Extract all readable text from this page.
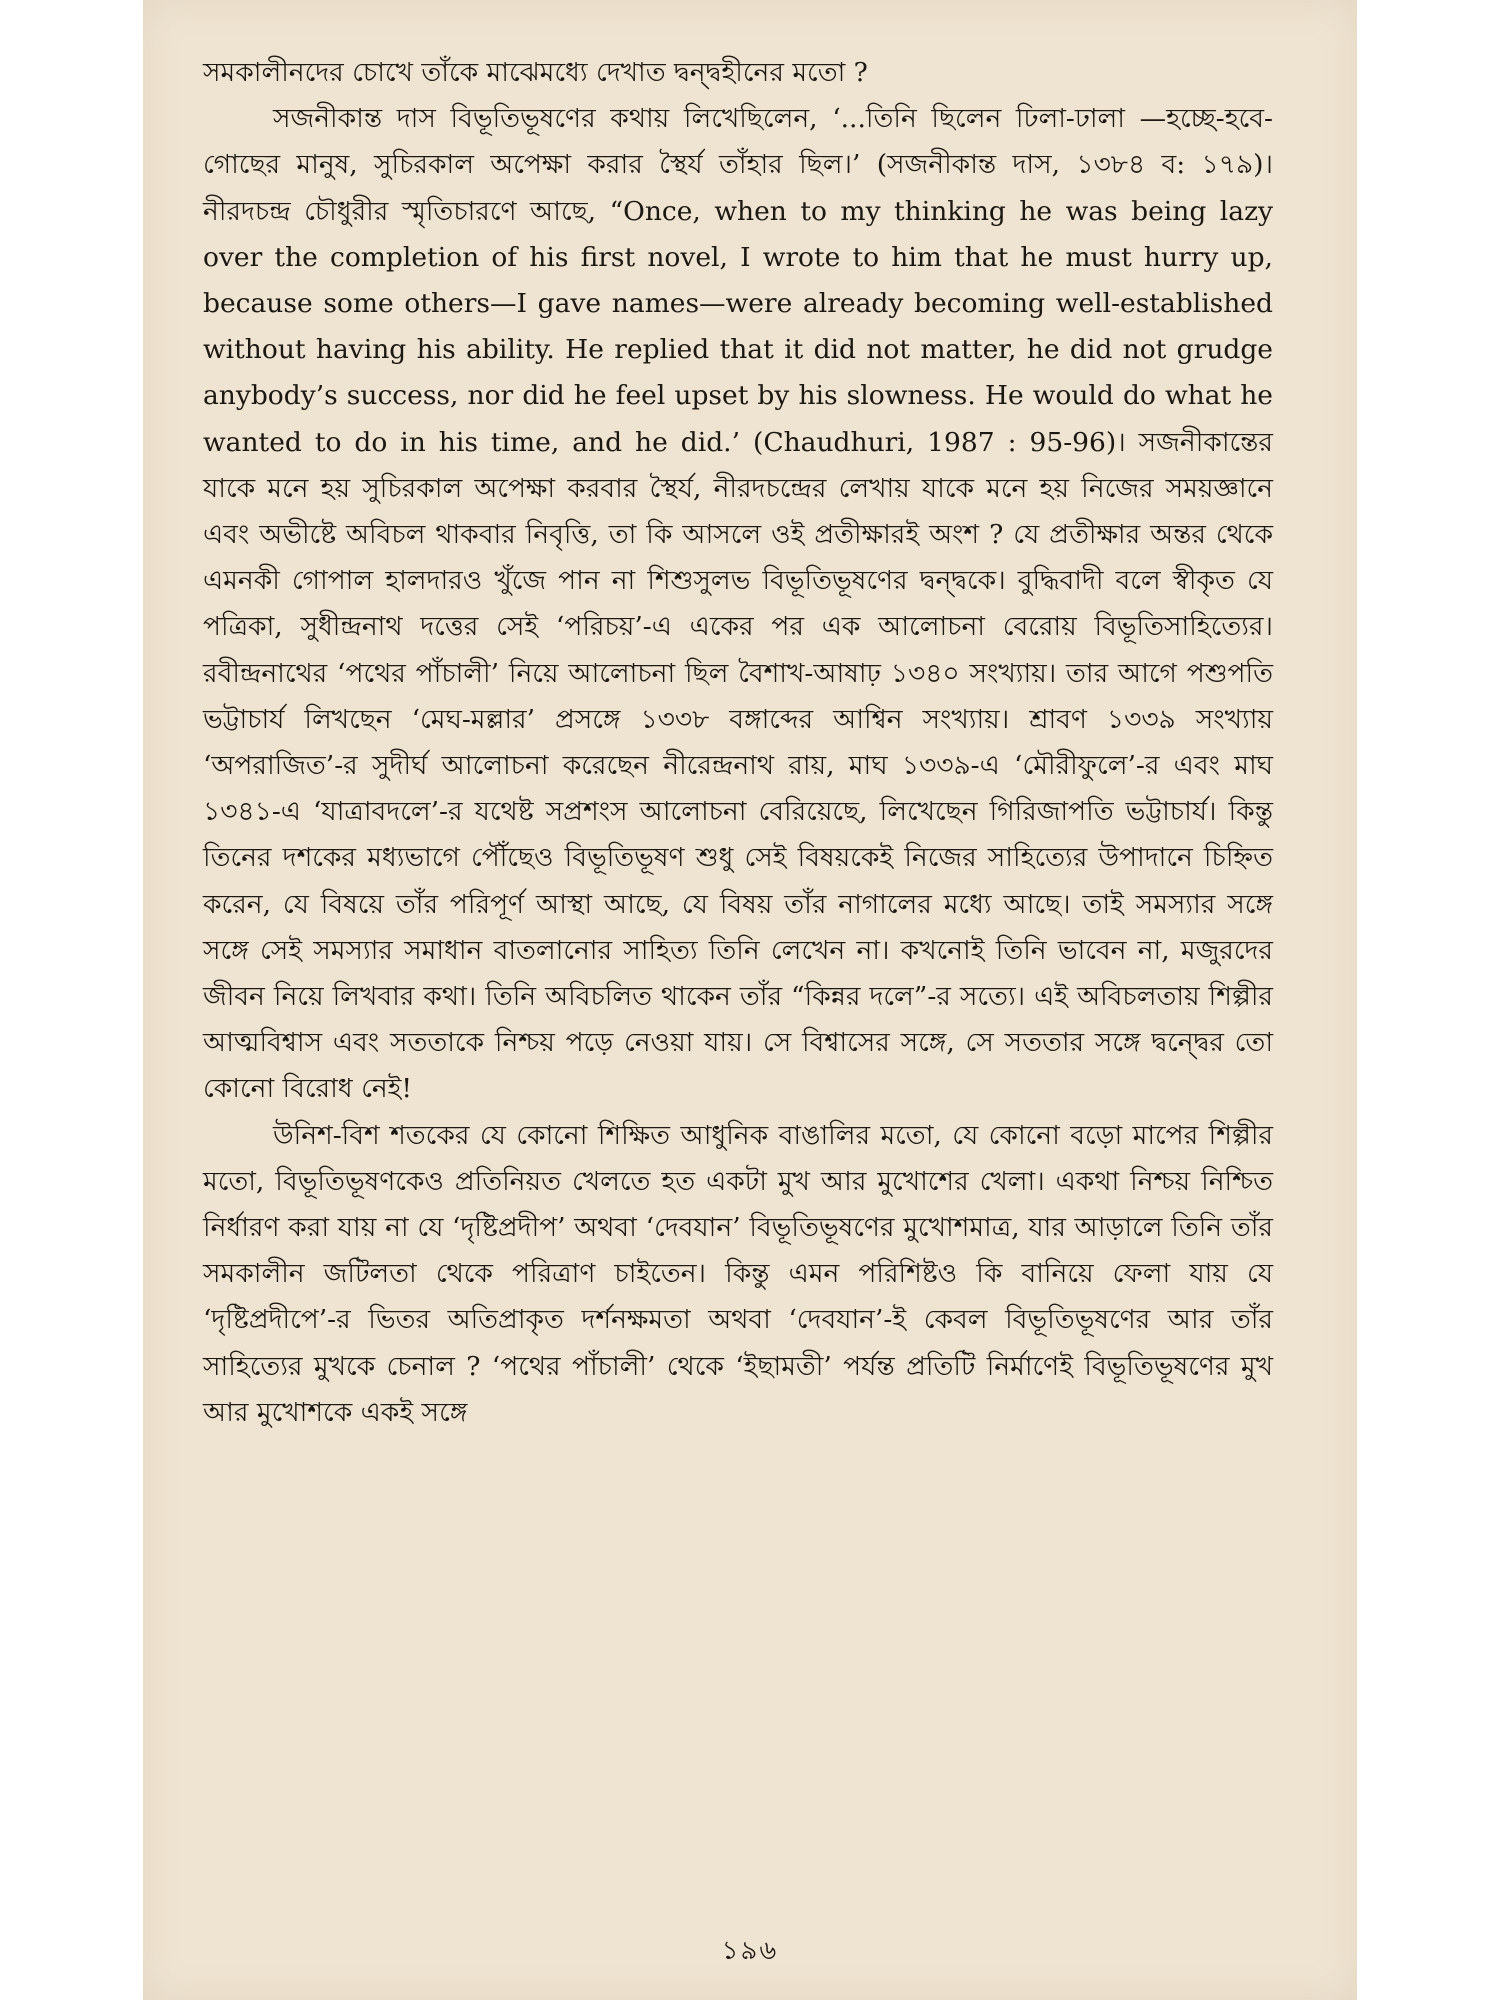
সমকালীনদের চোখে তাঁকে মাঝেমধ্যে দেখাত দ্বন্দ্বহীনের মতো ?

সজনীকান্ত দাস বিভূতিভূষণের কথায় লিখেছিলেন, ‘...তিনি ছিলেন ঢিলা-ঢালা —হচ্ছে-হবে-গোছের মানুষ, সুচিরকাল অপেক্ষা করার স্থৈর্য তাঁহার ছিল।’ (সজনীকান্ত দাস, ১৩৮৪ ব: ১৭৯)। নীরদচন্দ্র চৌধুরীর স্মৃতিচারণে আছে, “Once, when to my thinking he was being lazy over the completion of his first novel, I wrote to him that he must hurry up, because some others—I gave names—were already becoming well-established without having his ability. He replied that it did not matter, he did not grudge anybody’s success, nor did he feel upset by his slowness. He would do what he wanted to do in his time, and he did.’ (Chaudhuri, 1987 : 95-96)। সজনীকান্তের যাকে মনে হয় সুচিরকাল অপেক্ষা করবার স্থৈর্য, নীরদচন্দ্রের লেখায় যাকে মনে হয় নিজের সময়জ্ঞানে এবং অভীষ্টে অবিচল থাকবার নিবৃত্তি, তা কি আসলে ওই প্রতীক্ষারই অংশ ? যে প্রতীক্ষার অন্তর থেকে এমনকী গোপাল হালদারও খুঁজে পান না শিশুসুলভ বিভূতিভূষণের দ্বন্দ্বকে। বুদ্ধিবাদী বলে স্বীকৃত যে পত্রিকা, সুধীন্দ্রনাথ দত্তের সেই ‘পরিচয়’-এ একের পর এক আলোচনা বেরোয় বিভূতিসাহিত্যের। রবীন্দ্রনাথের ‘পথের পাঁচালী’ নিয়ে আলোচনা ছিল বৈশাখ-আষাঢ় ১৩৪০ সংখ্যায়। তার আগে পশুপতি ভট্টাচার্য লিখছেন ‘মেঘ-মল্লার’ প্রসঙ্গে ১৩৩৮ বঙ্গাব্দের আশ্বিন সংখ্যায়। শ্রাবণ ১৩৩৯ সংখ্যায় ‘অপরাজিত’-র সুদীর্ঘ আলোচনা করেছেন নীরেন্দ্রনাথ রায়, মাঘ ১৩৩৯-এ ‘মৌরীফুলে’-র এবং মাঘ ১৩৪১-এ ‘যাত্রাবদলে’-র যথেষ্ট সপ্রশংস আলোচনা বেরিয়েছে, লিখেছেন গিরিজাপতি ভট্টাচার্য। কিন্তু তিনের দশকের মধ্যভাগে পৌঁছেও বিভূতিভূষণ শুধু সেই বিষয়কেই নিজের সাহিত্যের উপাদানে চিহ্নিত করেন, যে বিষয়ে তাঁর পরিপূর্ণ আস্থা আছে, যে বিষয় তাঁর নাগালের মধ্যে আছে। তাই সমস্যার সঙ্গে সঙ্গে সেই সমস্যার সমাধান বাতলানোর সাহিত্য তিনি লেখেন না। কখনোই তিনি ভাবেন না, মজুরদের জীবন নিয়ে লিখবার কথা। তিনি অবিচলিত থাকেন তাঁর “কিন্নর দলে”-র সত্যে। এই অবিচলতায় শিল্পীর আত্মবিশ্বাস এবং সততাকে নিশ্চয় পড়ে নেওয়া যায়। সে বিশ্বাসের সঙ্গে, সে সততার সঙ্গে দ্বন্দ্বের তো কোনো বিরোধ নেই!

উনিশ-বিশ শতকের যে কোনো শিক্ষিত আধুনিক বাঙালির মতো, যে কোনো বড়ো মাপের শিল্পীর মতো, বিভূতিভূষণকেও প্রতিনিয়ত খেলতে হত একটা মুখ আর মুখোশের খেলা। একথা নিশ্চয় নিশ্চিত নির্ধারণ করা যায় না যে ‘দৃষ্টিপ্রদীপ’ অথবা ‘দেবযান’ বিভূতিভূষণের মুখোশমাত্র, যার আড়ালে তিনি তাঁর সমকালীন জটিলতা থেকে পরিত্রাণ চাইতেন। কিন্তু এমন পরিশিষ্টও কি বানিয়ে ফেলা যায় যে ‘দৃষ্টিপ্রদীপে’-র ভিতর অতিপ্রাকৃত দর্শনক্ষমতা অথবা ‘দেবযান’-ই কেবল বিভূতিভূষণের আর তাঁর সাহিত্যের মুখকে চেনাল ? ‘পথের পাঁচালী’ থেকে ‘ইছামতী’ পর্যন্ত প্রতিটি নির্মাণেই বিভূতিভূষণের মুখ আর মুখোশকে একই সঙ্গে

১৯৬
